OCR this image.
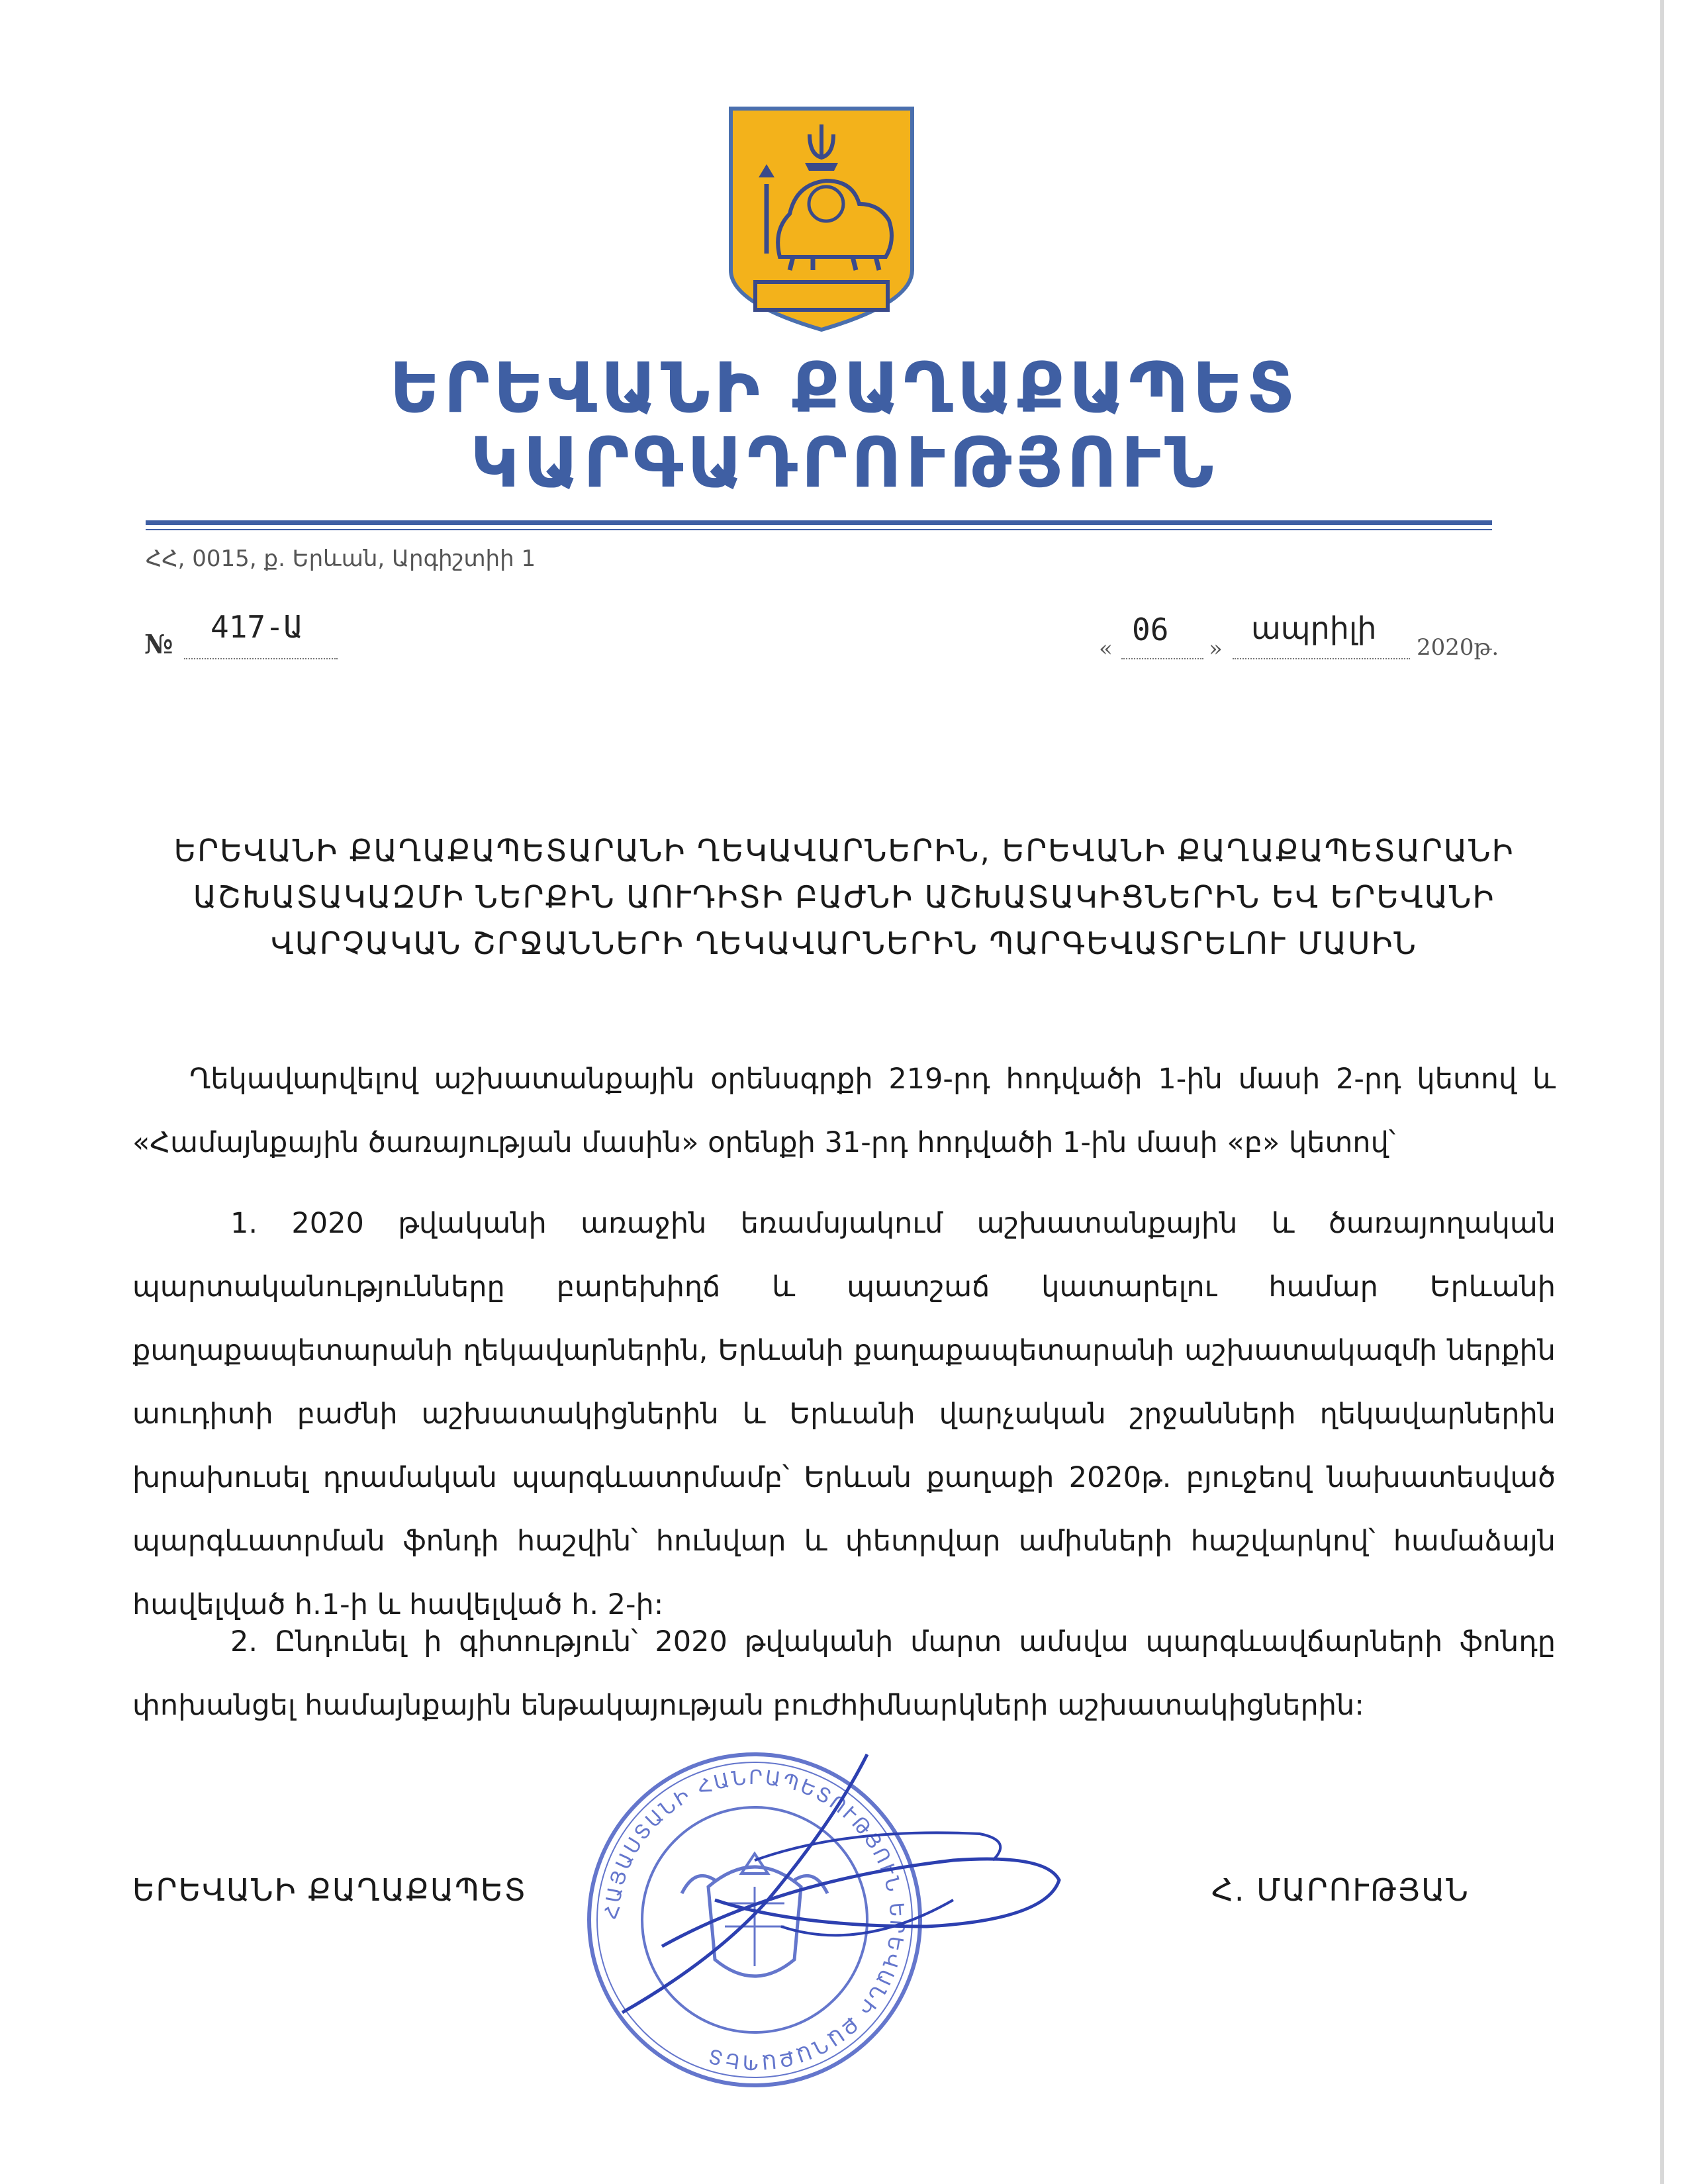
ԵՐԵՎԱՆԻ ՔԱՂԱՔԱՊԵՏ
ԿԱՐԳԱԴՐՈՒԹՅՈՒՆ
ՀՀ, 0015, ք. Երևան, Արգիշտիի 1
№ 417-Ա
«
06
»
ապրիլի
2020թ.
ԵՐԵՎԱՆԻ ՔԱՂԱՔԱՊԵՏԱՐԱՆԻ ՂԵԿԱՎԱՐՆԵՐԻՆ, ԵՐԵՎԱՆԻ ՔԱՂԱՔԱՊԵՏԱՐԱՆԻ
ԱՇԽԱՏԱԿԱԶՄԻ ՆԵՐՔԻՆ ԱՈՒԴԻՏԻ ԲԱԺՆԻ ԱՇԽԱՏԱԿԻՑՆԵՐԻՆ ԵՎ ԵՐԵՎԱՆԻ
ՎԱՐՉԱԿԱՆ ՇՐՋԱՆՆԵՐԻ ՂԵԿԱՎԱՐՆԵՐԻՆ ՊԱՐԳԵՎԱՏՐԵԼՈՒ ՄԱՍԻՆ
Ղեկավարվելով աշխատանքային օրենսգրքի 219-րդ հոդվածի 1-ին մասի 2-րդ կետով և «Համայնքային ծառայության մասին» օրենքի 31-րդ հոդվածի 1-ին մասի «բ» կետով՝
1. 2020 թվականի առաջին եռամսյակում աշխատանքային և ծառայողական պարտականությունները բարեխիղճ և պատշաճ կատարելու համար Երևանի քաղաքապետարանի ղեկավարներին, Երևանի քաղաքապետարանի աշխատակազմի ներքին աուդիտի բաժնի աշխատակիցներին և Երևանի վարչական շրջանների ղեկավարներին խրախուսել դրամական պարգևատրմամբ՝ Երևան քաղաքի 2020թ. բյուջեով նախատեսված պարգևատրման ֆոնդի հաշվին՝ հունվար և փետրվար ամիսների հաշվարկով՝ համաձայն հավելված հ.1-ի և հավելված հ. 2-ի:
2. Ընդունել ի գիտություն՝ 2020 թվականի մարտ ամսվա պարգևավճարների ֆոնդը փոխանցել համայնքային ենթակայության բուժհիմնարկների աշխատակիցներին:
ՀԱՅԱՍՏԱՆԻ ՀԱՆՐԱՊԵՏՈՒԹՅՈՒՆ ԵՐԵՎԱՆԻ ՔԱՂԱՔԱՊԵՏ
ԵՐԵՎԱՆԻ ՔԱՂԱՔԱՊԵՏ	Հ. ՄԱՐՈՒԹՅԱՆ
